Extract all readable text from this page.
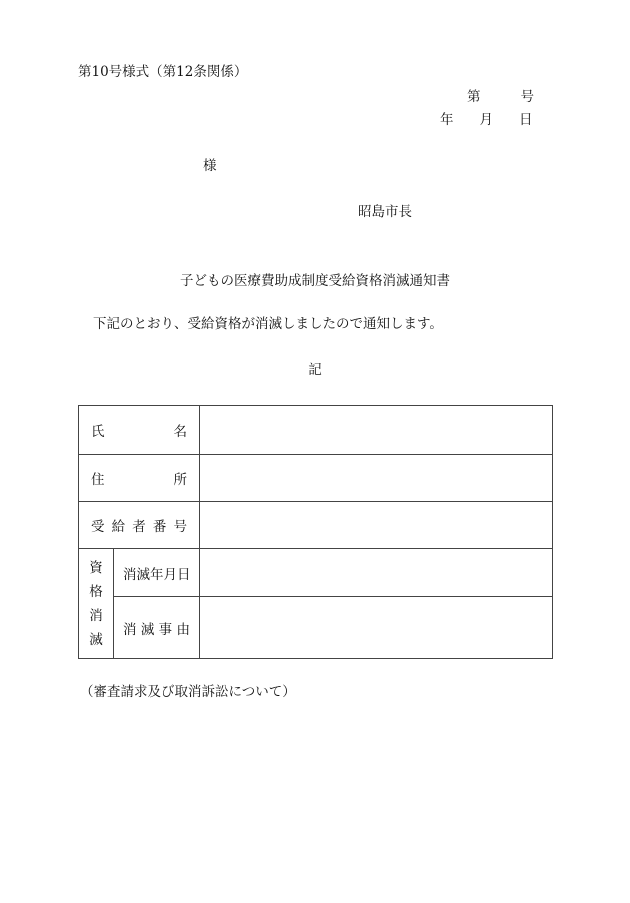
第10号様式（第12条関係）
第	号
年 月 日
様
昭島市長
子どもの医療費助成制度受給資格消滅通知書
下記のとおり、受給資格が消滅しましたので通知します。
記
氏 名		

住 所		

受 給 者 番 号		

資
格
消
滅	消 滅 年 月 日	

	消 滅 事 由	

（審査請求及び取消訴訟について）
